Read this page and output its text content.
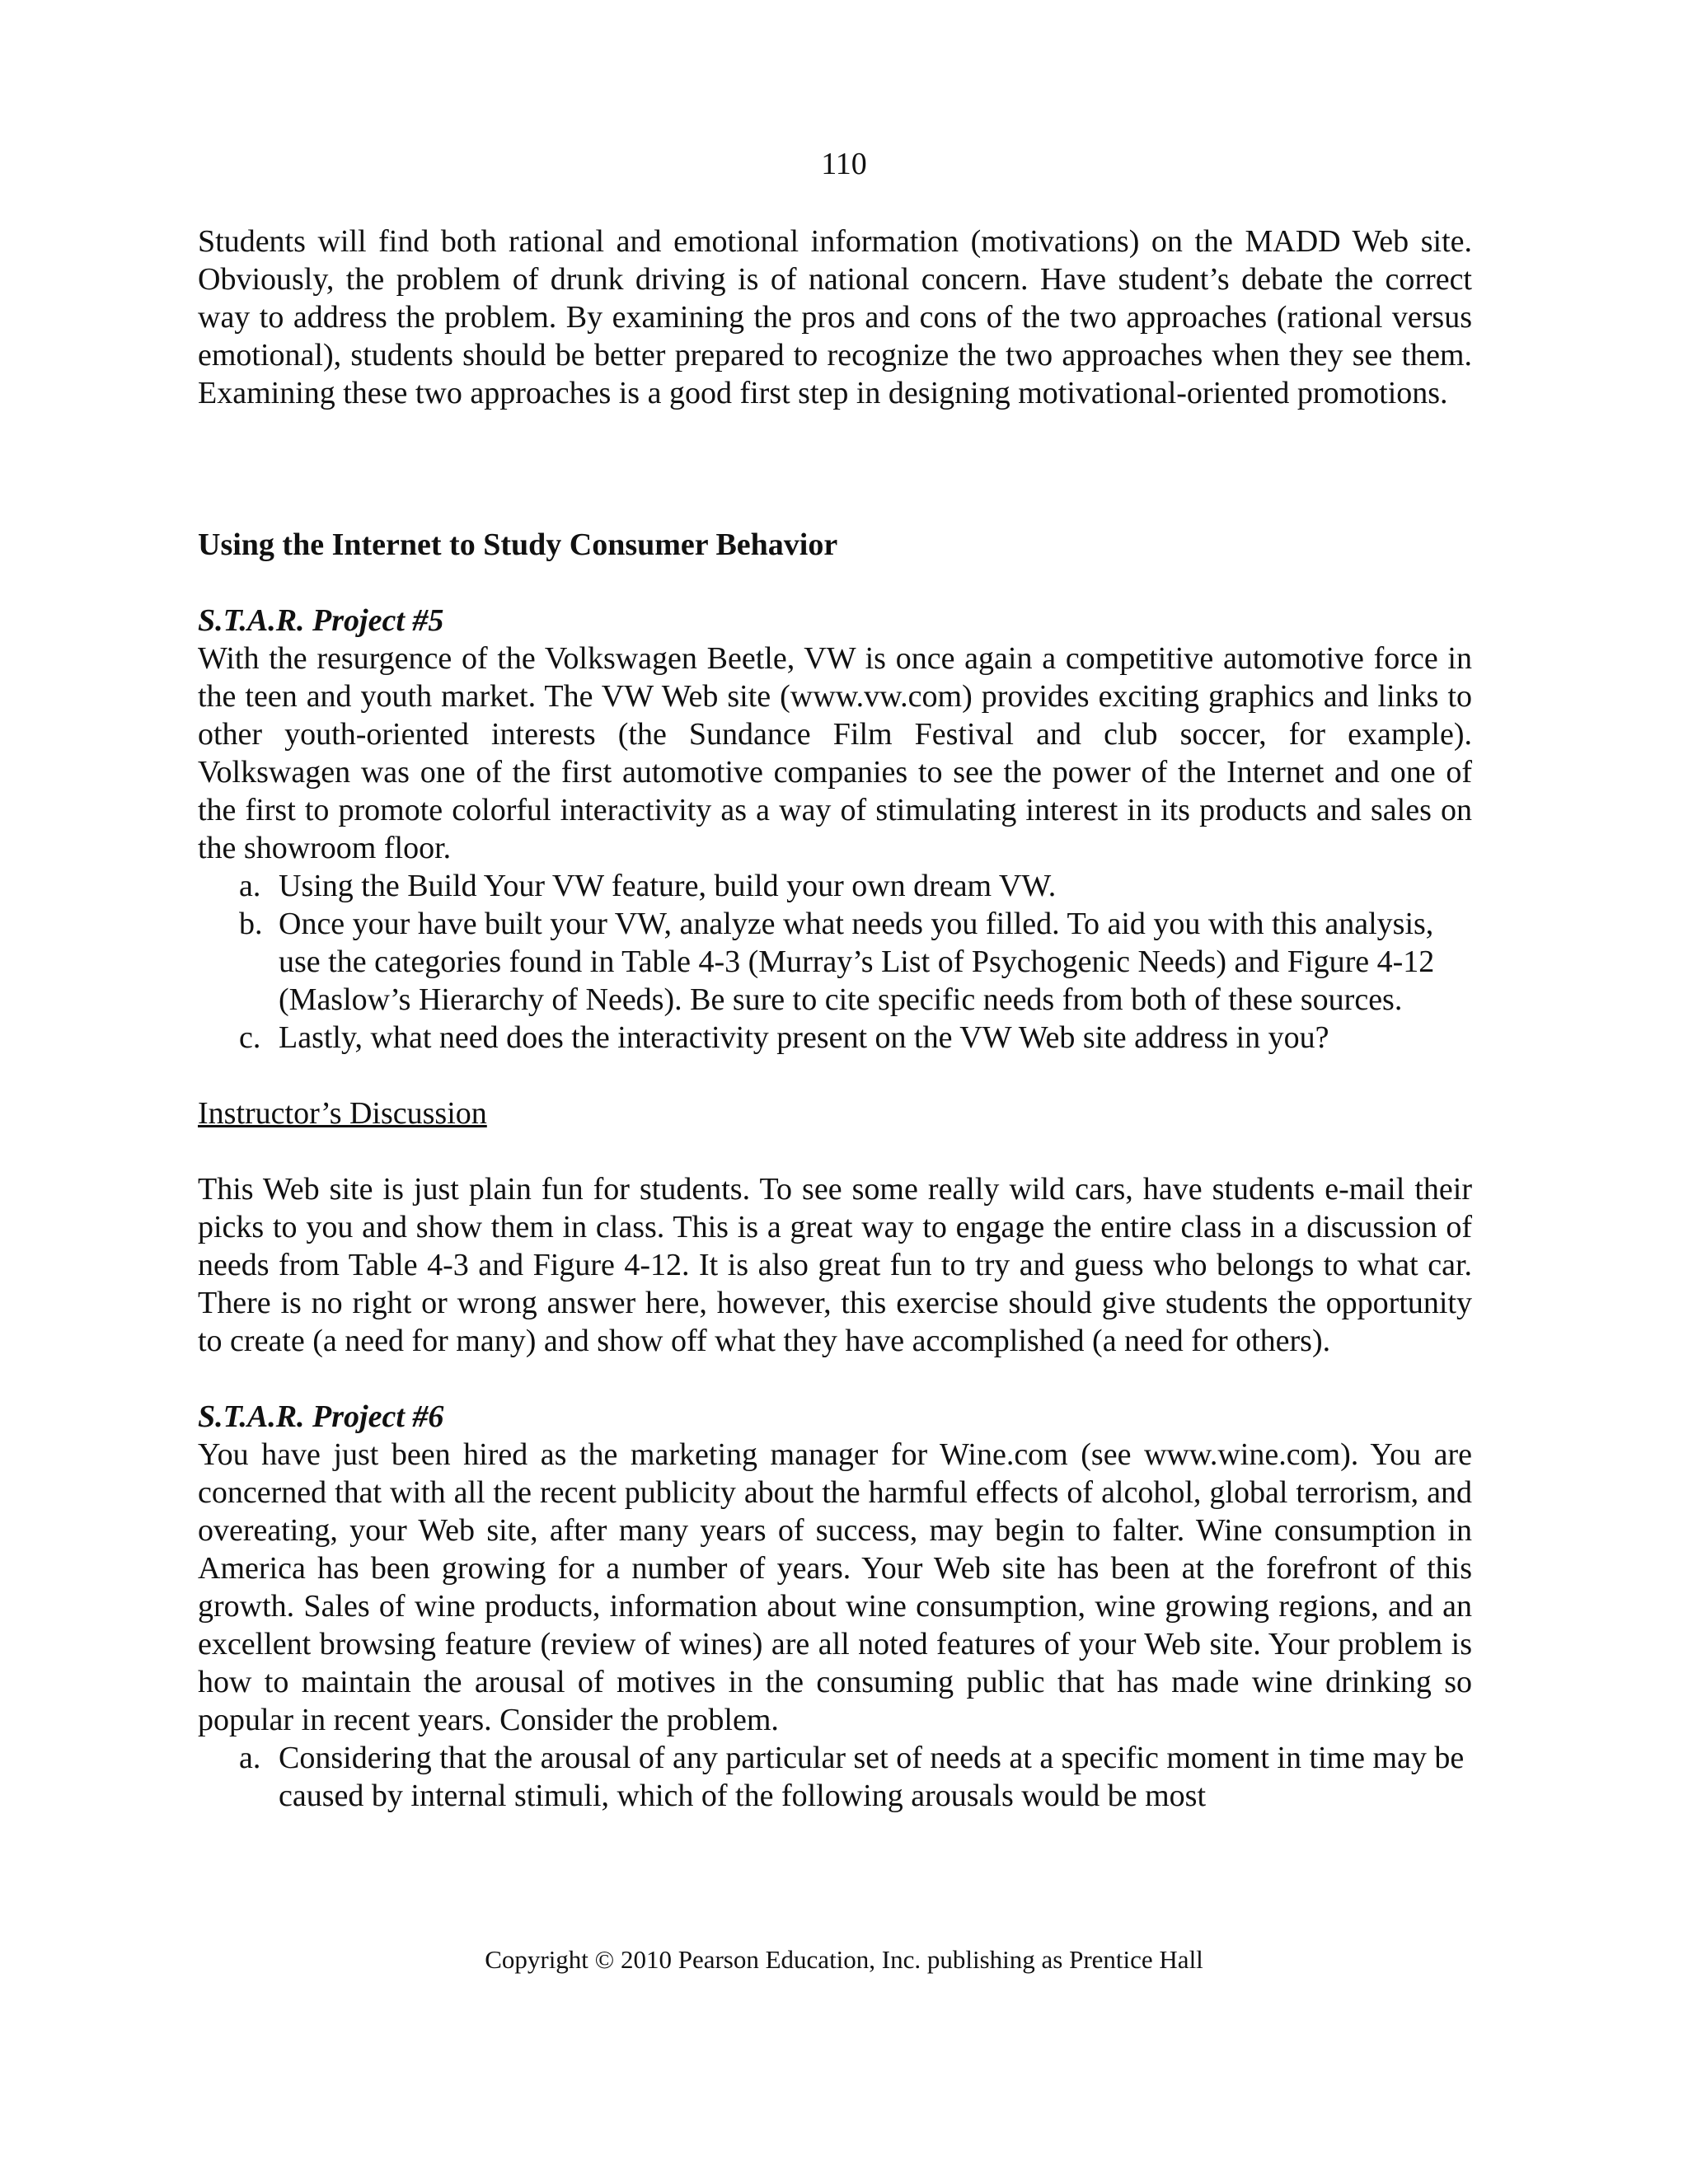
110

Students will find both rational and emotional information (motivations) on the MADD Web site. Obviously, the problem of drunk driving is of national concern. Have student’s debate the correct way to address the problem. By examining the pros and cons of the two approaches (rational versus emotional), students should be better prepared to recognize the two approaches when they see them. Examining these two approaches is a good first step in designing motivational-oriented promotions.

Using the Internet to Study Consumer Behavior

S.T.A.R. Project #5

With the resurgence of the Volkswagen Beetle, VW is once again a competitive automotive force in the teen and youth market. The VW Web site (www.vw.com) provides exciting graphics and links to other youth-oriented interests (the Sundance Film Festival and club soccer, for example). Volkswagen was one of the first automotive companies to see the power of the Internet and one of the first to promote colorful interactivity as a way of stimulating interest in its products and sales on the showroom floor.

a. Using the Build Your VW feature, build your own dream VW.
b. Once your have built your VW, analyze what needs you filled. To aid you with this analysis, use the categories found in Table 4-3 (Murray’s List of Psychogenic Needs) and Figure 4-12 (Maslow’s Hierarchy of Needs). Be sure to cite specific needs from both of these sources.
c. Lastly, what need does the interactivity present on the VW Web site address in you?

Instructor’s Discussion

This Web site is just plain fun for students. To see some really wild cars, have students e-mail their picks to you and show them in class. This is a great way to engage the entire class in a discussion of needs from Table 4-3 and Figure 4-12. It is also great fun to try and guess who belongs to what car. There is no right or wrong answer here, however, this exercise should give students the opportunity to create (a need for many) and show off what they have accomplished (a need for others).

S.T.A.R. Project #6

You have just been hired as the marketing manager for Wine.com (see www.wine.com). You are concerned that with all the recent publicity about the harmful effects of alcohol, global terrorism, and overeating, your Web site, after many years of success, may begin to falter. Wine consumption in America has been growing for a number of years. Your Web site has been at the forefront of this growth. Sales of wine products, information about wine consumption, wine growing regions, and an excellent browsing feature (review of wines) are all noted features of your Web site. Your problem is how to maintain the arousal of motives in the consuming public that has made wine drinking so popular in recent years. Consider the problem.

a. Considering that the arousal of any particular set of needs at a specific moment in time may be caused by internal stimuli, which of the following arousals would be most
Copyright © 2010 Pearson Education, Inc. publishing as Prentice Hall
